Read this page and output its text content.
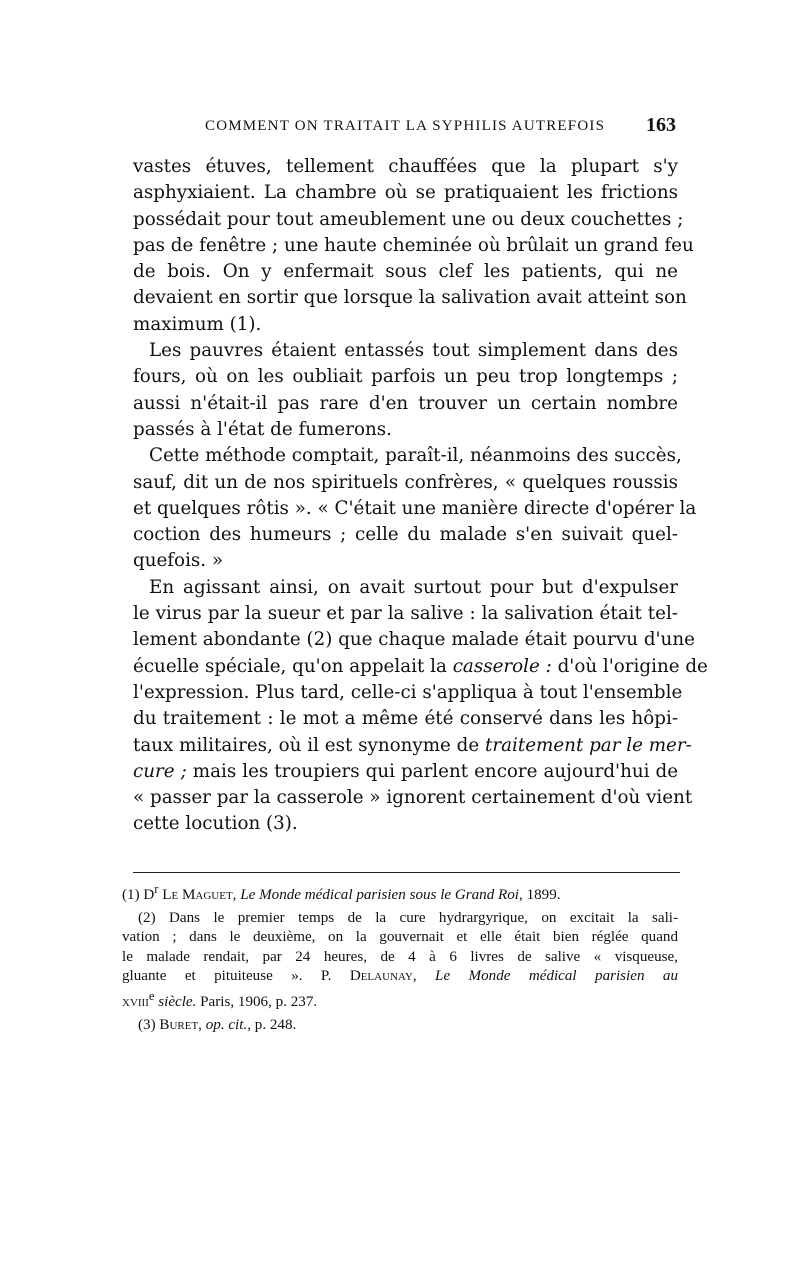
COMMENT ON TRAITAIT LA SYPHILIS AUTREFOIS 163
vastes étuves, tellement chauffées que la plupart s'y
asphyxiaient. La chambre où se pratiquaient les frictions
possédait pour tout ameublement une ou deux couchettes ;
pas de fenêtre ; une haute cheminée où brûlait un grand feu
de bois. On y enfermait sous clef les patients, qui ne
devaient en sortir que lorsque la salivation avait atteint son
maximum (1).
Les pauvres étaient entassés tout simplement dans des
fours, où on les oubliait parfois un peu trop longtemps ;
aussi n'était-il pas rare d'en trouver un certain nombre
passés à l'état de fumerons.
Cette méthode comptait, paraît-il, néanmoins des succès,
sauf, dit un de nos spirituels confrères, « quelques roussis
et quelques rôtis ». « C'était une manière directe d'opérer la
coction des humeurs ; celle du malade s'en suivait quel-
quefois. »
En agissant ainsi, on avait surtout pour but d'expulser
le virus par la sueur et par la salive : la salivation était tel-
lement abondante (2) que chaque malade était pourvu d'une
écuelle spéciale, qu'on appelait la casserole : d'où l'origine de
l'expression. Plus tard, celle-ci s'appliqua à tout l'ensemble
du traitement : le mot a même été conservé dans les hôpi-
taux militaires, où il est synonyme de traitement par le mer-
cure ; mais les troupiers qui parlent encore aujourd'hui de
« passer par la casserole » ignorent certainement d'où vient
cette locution (3).
(1) $D^r$ Le Maguet, Le Monde médical parisien sous le Grand Roi, 1899.
(2) Dans le premier temps de la cure hydrargyrique, on excitait la sali-
vation ; dans le deuxième, on la gouvernait et elle était bien réglée quand
le malade rendait, par 24 heures, de 4 à 6 livres de salive « visqueuse,
gluante et pituiteuse ». P. Delaunay, Le Monde médical parisien au
xviii$^e$ siècle. Paris, 1906, p. 237.
(3) Buret, op. cit., p. 248.
